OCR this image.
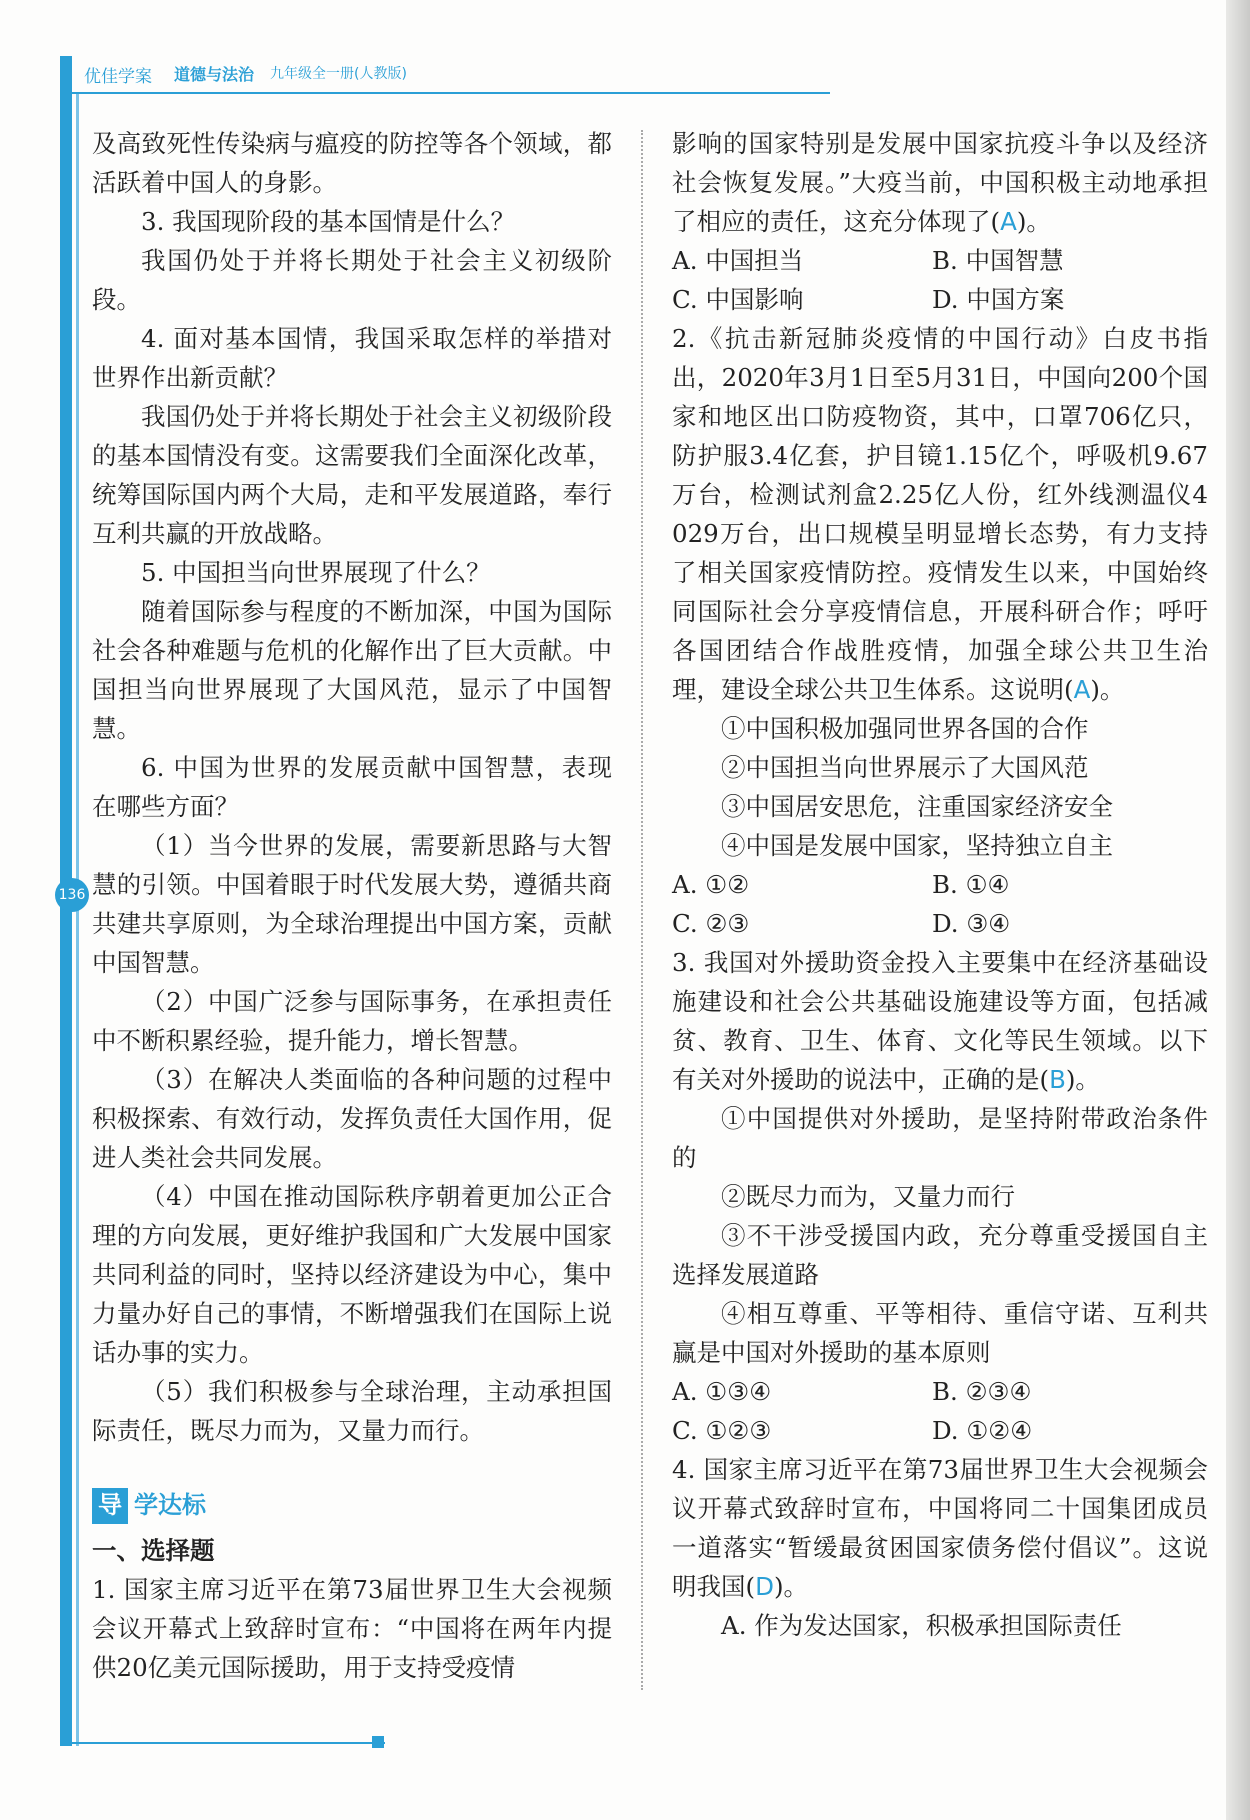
优佳学案 道德与法治 九年级全一册(人教版)
136

及高致死性传染病与瘟疫的防控等各个领域，都活跃着中国人的身影。

3. 我国现阶段的基本国情是什么？

我国仍处于并将长期处于社会主义初级阶段。

4. 面对基本国情，我国采取怎样的举措对世界作出新贡献？

我国仍处于并将长期处于社会主义初级阶段的基本国情没有变。这需要我们全面深化改革，统筹国际国内两个大局，走和平发展道路，奉行互利共赢的开放战略。

5. 中国担当向世界展现了什么？

随着国际参与程度的不断加深，中国为国际社会各种难题与危机的化解作出了巨大贡献。中国担当向世界展现了大国风范，显示了中国智慧。

6. 中国为世界的发展贡献中国智慧，表现在哪些方面？

（1）当今世界的发展，需要新思路与大智慧的引领。中国着眼于时代发展大势，遵循共商共建共享原则，为全球治理提出中国方案，贡献中国智慧。

（2）中国广泛参与国际事务，在承担责任中不断积累经验，提升能力，增长智慧。

（3）在解决人类面临的各种问题的过程中积极探索、有效行动，发挥负责任大国作用，促进人类社会共同发展。

（4）中国在推动国际秩序朝着更加公正合理的方向发展，更好维护我国和广大发展中国家共同利益的同时，坚持以经济建设为中心，集中力量办好自己的事情，不断增强我们在国际上说话办事的实力。

（5）我们积极参与全球治理，主动承担国际责任，既尽力而为，又量力而行。

导 学达标

一、选择题

1. 国家主席习近平在第73届世界卫生大会视频会议开幕式上致辞时宣布：“中国将在两年内提供20亿美元国际援助，用于支持受疫情

影响的国家特别是发展中国家抗疫斗争以及经济社会恢复发展。”大疫当前，中国积极主动地承担了相应的责任，这充分体现了(A)。

A. 中国担当	B. 中国智慧
C. 中国影响	D. 中国方案

2.《抗击新冠肺炎疫情的中国行动》白皮书指出，2020年3月1日至5月31日，中国向200个国家和地区出口防疫物资，其中，口罩706亿只，防护服3.4亿套，护目镜1.15亿个，呼吸机9.67万台，检测试剂盒2.25亿人份，红外线测温仪4 029万台，出口规模呈明显增长态势，有力支持了相关国家疫情防控。疫情发生以来，中国始终同国际社会分享疫情信息，开展科研合作；呼吁各国团结合作战胜疫情，加强全球公共卫生治理，建设全球公共卫生体系。这说明(A)。

①中国积极加强同世界各国的合作

②中国担当向世界展示了大国风范

③中国居安思危，注重国家经济安全

④中国是发展中国家，坚持独立自主

A. ①②	B. ①④
C. ②③	D. ③④

3. 我国对外援助资金投入主要集中在经济基础设施建设和社会公共基础设施建设等方面，包括减贫、教育、卫生、体育、文化等民生领域。以下有关对外援助的说法中，正确的是(B)。

①中国提供对外援助，是坚持附带政治条件的

②既尽力而为，又量力而行

③不干涉受援国内政，充分尊重受援国自主选择发展道路

④相互尊重、平等相待、重信守诺、互利共赢是中国对外援助的基本原则

A. ①③④	B. ②③④
C. ①②③	D. ①②④

4. 国家主席习近平在第73届世界卫生大会视频会议开幕式致辞时宣布，中国将同二十国集团成员一道落实“暂缓最贫困国家债务偿付倡议”。这说明我国(D)。

A. 作为发达国家，积极承担国际责任
